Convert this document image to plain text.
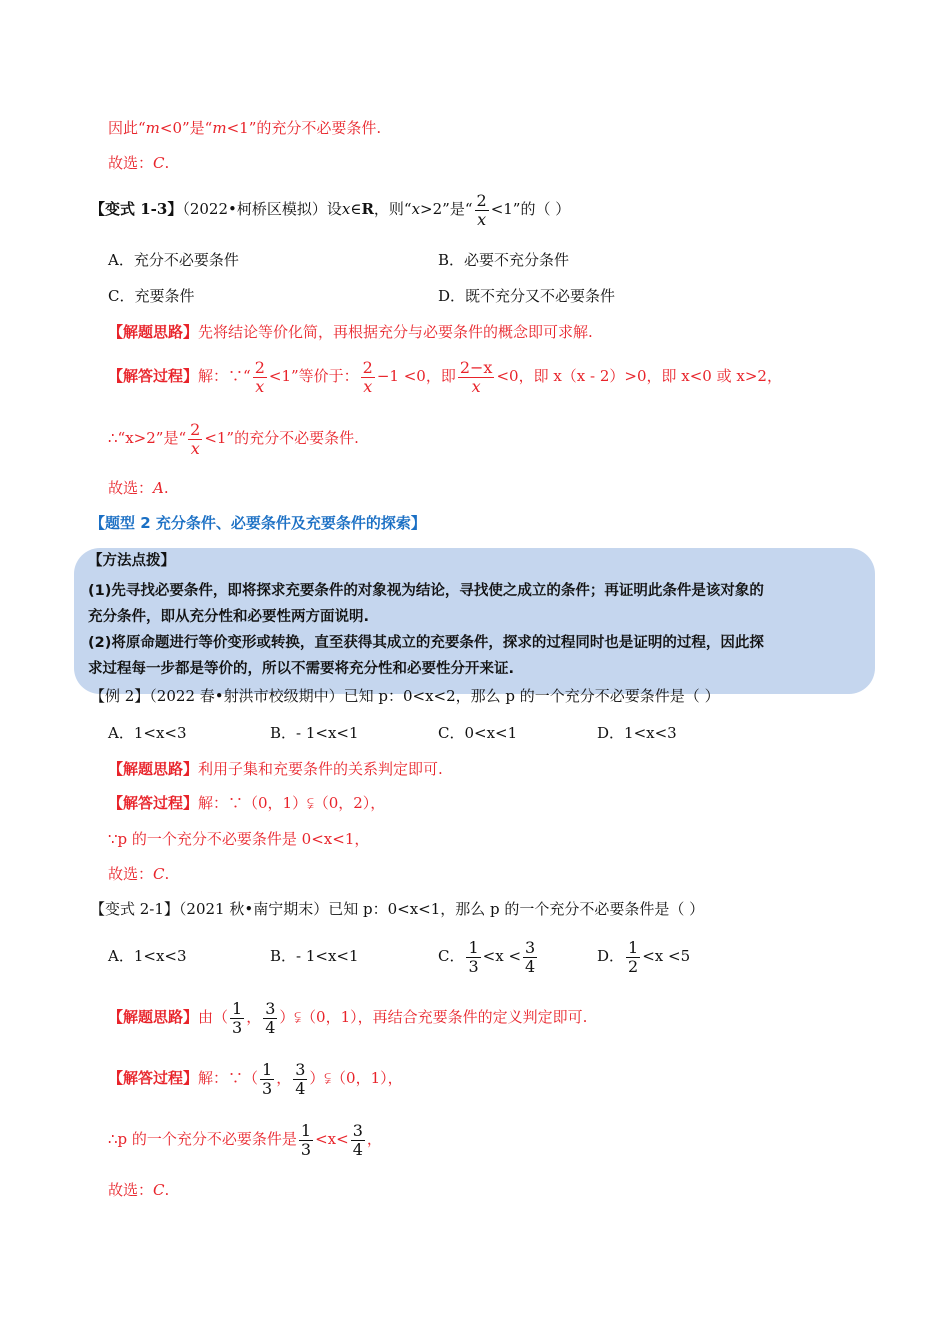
因此“m<0”是“m<1”的充分不必要条件.
故选：C.
【变式 1-3】（2022•柯桥区模拟）设x∈R，则“x>2”是“ $\frac{2}{x} <1$”的（ ）
A．充分不必要条件	B．必要不充分条件
C．充要条件	D．既不充分又不必要条件
【解题思路】先将结论等价化简，再根据充分与必要条件的概念即可求解.
【解答过程】解：∵“ $\frac{2}{x} <1$”等价于： $\frac{2}{x} -1 <0$，即 $\frac{2-x}{x} <0$，即 x（x - 2）>0，即 x<0 或 x>2，
∴“x>2”是“ $\frac{2}{x} <1$”的充分不必要条件.
故选：A.
【题型 2 充分条件、必要条件及充要条件的探索】
【方法点拨】
(1)先寻找必要条件，即将探求充要条件的对象视为结论，寻找使之成立的条件；再证明此条件是该对象的
充分条件，即从充分性和必要性两方面说明.
(2)将原命题进行等价变形或转换，直至获得其成立的充要条件，探求的过程同时也是证明的过程，因此探
求过程每一步都是等价的，所以不需要将充分性和必要性分开来证.
【例 2】（2022 春•射洪市校级期中）已知 p：0<x<2，那么 p 的一个充分不必要条件是（ ）
A．1<x<3	B．- 1<x<1	C．0<x<1	D．1<x<3
【解题思路】利用子集和充要条件的关系判定即可.
【解答过程】解：∵（0，1）⫋（0，2），
∵p 的一个充分不必要条件是 0<x<1，
故选：C.
【变式 2-1】（2021 秋•南宁期末）已知 p：0<x<1，那么 p 的一个充分不必要条件是（ ）
A．1<x<3	B．- 1<x<1	C． $\frac{1}{3} <x < \frac{3}{4}$	D． $\frac{1}{2} <x <5$
【解题思路】由（ $\frac{1}{3}$ ， $\frac{3}{4}$ ）⫋（0，1），再结合充要条件的定义判定即可.
【解答过程】解：∵（ $\frac{1}{3}$ ， $\frac{3}{4}$ ）⫋（0，1），
∴p 的一个充分不必要条件是 $\frac{1}{3} <x< \frac{3}{4}$ ，
故选：C.
